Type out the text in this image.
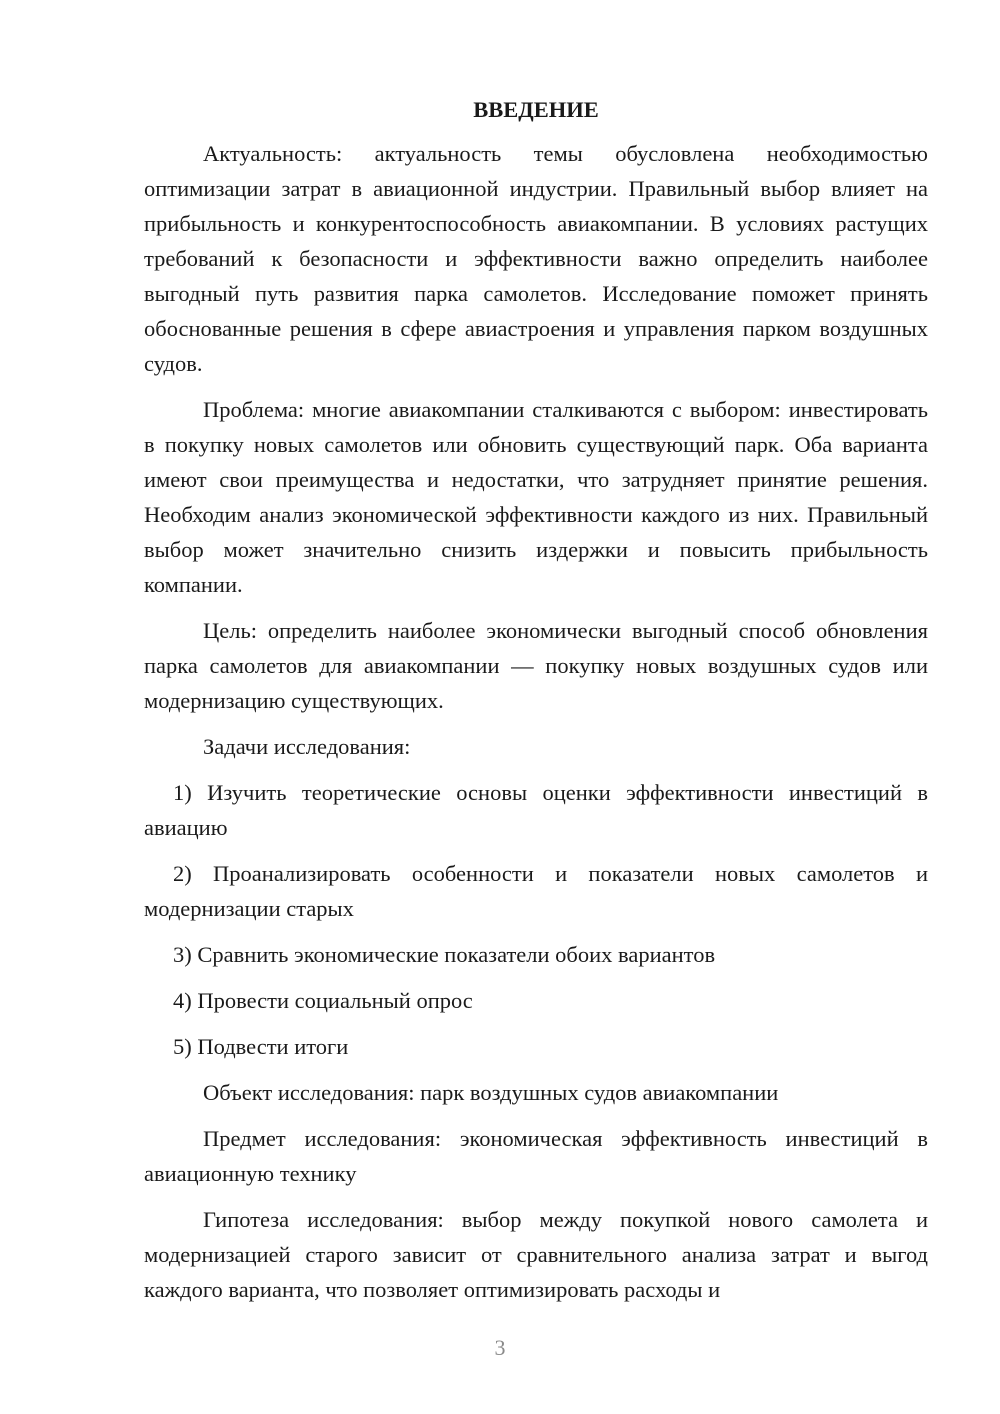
ВВЕДЕНИЕ

Актуальность: актуальность темы обусловлена необходимостью оптимизации затрат в авиационной индустрии. Правильный выбор влияет на прибыльность и конкурентоспособность авиакомпании. В условиях растущих требований к безопасности и эффективности важно определить наиболее выгодный путь развития парка самолетов. Исследование поможет принять обоснованные решения в сфере авиастроения и управления парком воздушных судов.

Проблема: многие авиакомпании сталкиваются с выбором: инвестировать в покупку новых самолетов или обновить существующий парк. Оба варианта имеют свои преимущества и недостатки, что затрудняет принятие решения. Необходим анализ экономической эффективности каждого из них. Правильный выбор может значительно снизить издержки и повысить прибыльность компании.

Цель: определить наиболее экономически выгодный способ обновления парка самолетов для авиакомпании — покупку новых воздушных судов или модернизацию существующих.

Задачи исследования:

1) Изучить теоретические основы оценки эффективности инвестиций в авиацию

2) Проанализировать особенности и показатели новых самолетов и модернизации старых

3) Сравнить экономические показатели обоих вариантов

4) Провести социальный опрос

5) Подвести итоги

Объект исследования: парк воздушных судов авиакомпании

Предмет исследования: экономическая эффективность инвестиций в авиационную технику

Гипотеза исследования: выбор между покупкой нового самолета и модернизацией старого зависит от сравнительного анализа затрат и выгод каждого варианта, что позволяет оптимизировать расходы и

3
